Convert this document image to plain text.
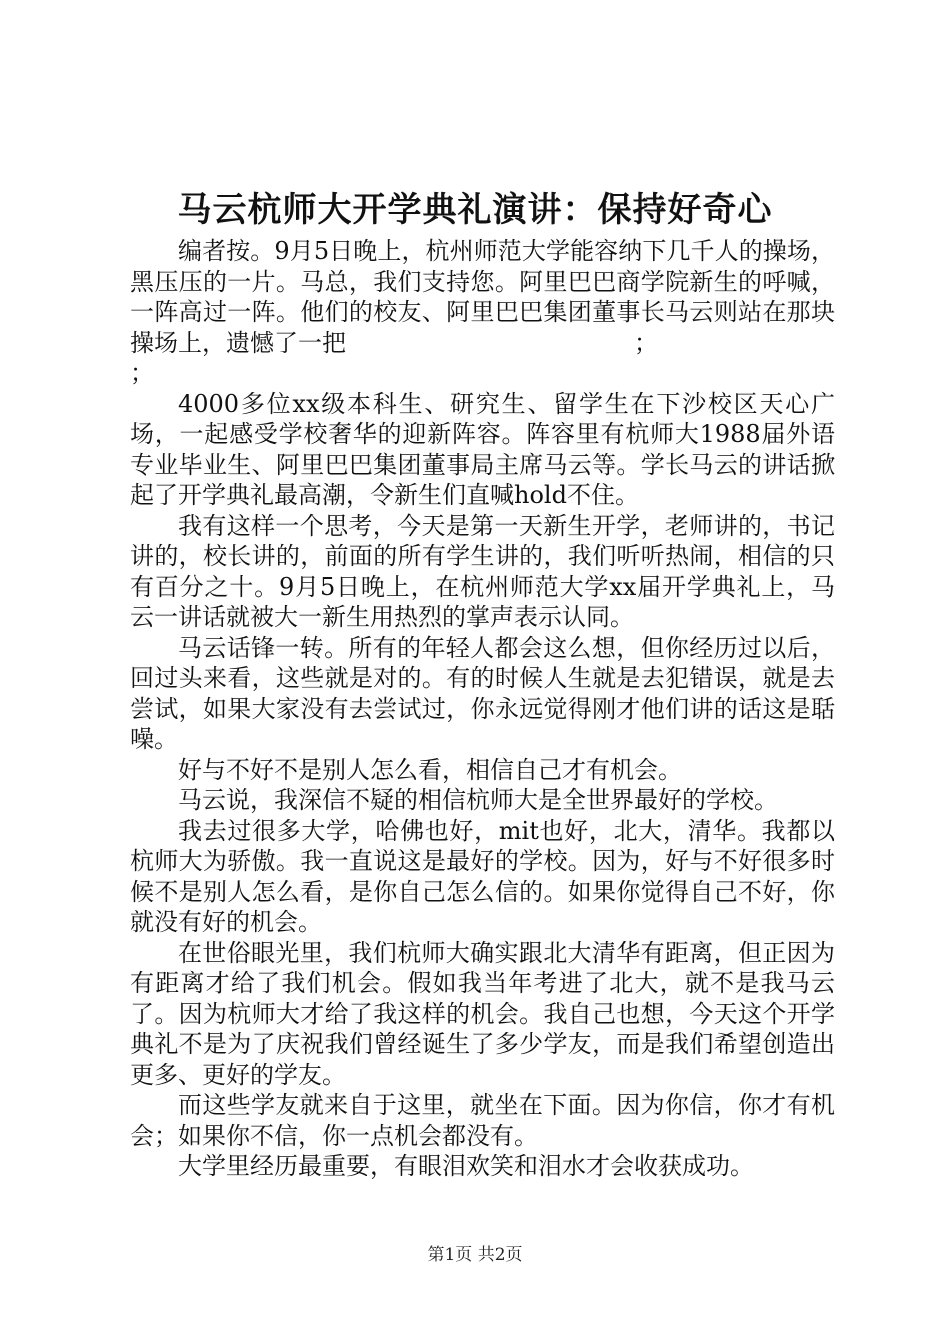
马云杭师大开学典礼演讲：保持好奇心

编者按。9月5日晚上，杭州师范大学能容纳下几千人的操场，黑压压的一片。马总，我们支持您。阿里巴巴商学院新生的呼喊，一阵高过一阵。他们的校友、阿里巴巴集团董事长马云则站在那块操场上，遗憾了一把　　　　　　　　　　　　；

；

4000多位xx级本科生、研究生、留学生在下沙校区天心广场，一起感受学校奢华的迎新阵容。阵容里有杭师大1988届外语专业毕业生、阿里巴巴集团董事局主席马云等。学长马云的讲话掀起了开学典礼最高潮，令新生们直喊hold不住。

我有这样一个思考，今天是第一天新生开学，老师讲的，书记讲的，校长讲的，前面的所有学生讲的，我们听听热闹，相信的只有百分之十。9月5日晚上，在杭州师范大学xx届开学典礼上，马云一讲话就被大一新生用热烈的掌声表示认同。

马云话锋一转。所有的年轻人都会这么想，但你经历过以后，回过头来看，这些就是对的。有的时候人生就是去犯错误，就是去尝试，如果大家没有去尝试过，你永远觉得刚才他们讲的话这是聒噪。

好与不好不是别人怎么看，相信自己才有机会。

马云说，我深信不疑的相信杭师大是全世界最好的学校。

我去过很多大学，哈佛也好，mit也好，北大，清华。我都以杭师大为骄傲。我一直说这是最好的学校。因为，好与不好很多时候不是别人怎么看，是你自己怎么信的。如果你觉得自己不好，你就没有好的机会。

在世俗眼光里，我们杭师大确实跟北大清华有距离，但正因为有距离才给了我们机会。假如我当年考进了北大，就不是我马云了。因为杭师大才给了我这样的机会。我自己也想，今天这个开学典礼不是为了庆祝我们曾经诞生了多少学友，而是我们希望创造出更多、更好的学友。

而这些学友就来自于这里，就坐在下面。因为你信，你才有机会；如果你不信，你一点机会都没有。

大学里经历最重要，有眼泪欢笑和泪水才会收获成功。

第1页 共2页
